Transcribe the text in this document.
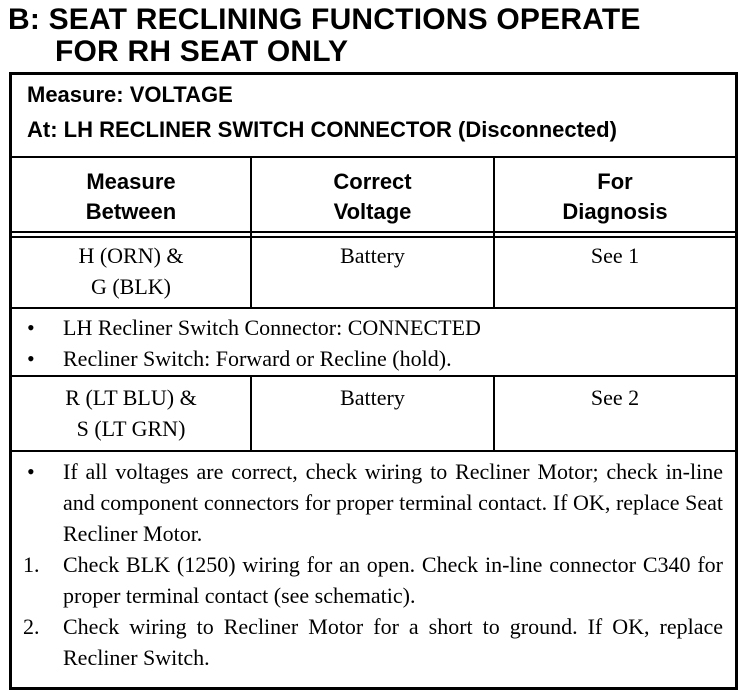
B: SEAT RECLINING FUNCTIONS OPERATE
FOR RH SEAT ONLY
Measure: VOLTAGE
At: LH RECLINER SWITCH CONNECTOR (Disconnected)
Measure
Between
Correct
Voltage
For
Diagnosis
H (ORN) &
G (BLK)
Battery	See 1
• LH Recliner Switch Connector: CONNECTED
• Recliner Switch: Forward or Recline (hold).
R (LT BLU) &
S (LT GRN)
Battery	See 2
• If all voltages are correct, check wiring to Recliner Motor; check in-line and component connectors for proper terminal contact. If OK, replace Seat Recliner Motor.
1. Check BLK (1250) wiring for an open. Check in-line connector C340 for proper terminal contact (see schematic).
2. Check wiring to Recliner Motor for a short to ground. If OK, replace Recliner Switch.
